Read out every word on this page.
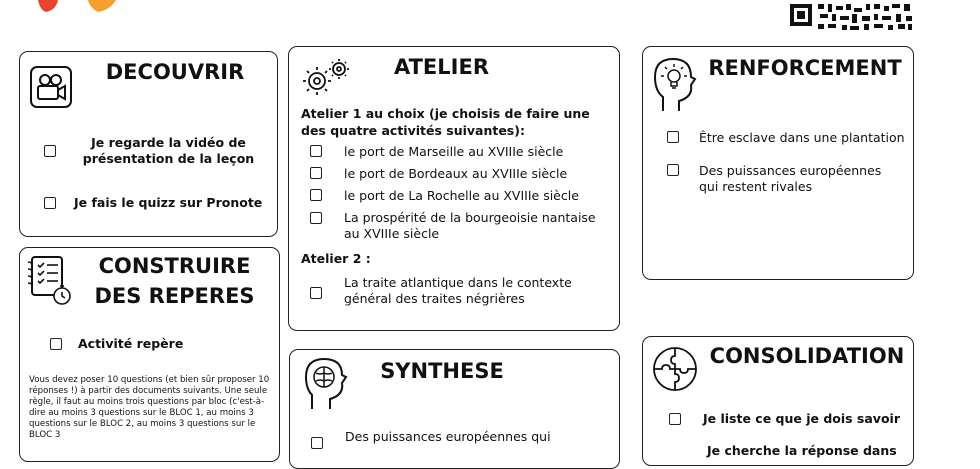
DECOUVRIR
Je regarde la vidéo de présentation de la leçon
Je fais le quizz sur Pronote
CONSTRUIRE DES REPERES
Activité repère
Vous devez poser 10 questions (et bien sûr proposer 10 réponses !) à partir des documents suivants. Une seule règle, il faut au moins trois questions par bloc (c'est-à-dire au moins 3 questions sur le BLOC 1, au moins 3 questions sur le BLOC 2, au moins 3 questions sur le BLOC 3
ATELIER
Atelier 1 au choix (je choisis de faire une des quatre activités suivantes):
le port de Marseille au XVIIIe siècle
le port de Bordeaux au XVIIIe siècle
le port de La Rochelle au XVIIIe siècle
La prospérité de la bourgeoisie nantaise au XVIIIe siècle
Atelier 2 :
La traite atlantique dans le contexte général des traites négrières
SYNTHESE
Des puissances européennes qui
RENFORCEMENT
Être esclave dans une plantation
Des puissances européennes qui restent rivales
CONSOLIDATION
Je liste ce que je dois savoir
Je cherche la réponse dans
